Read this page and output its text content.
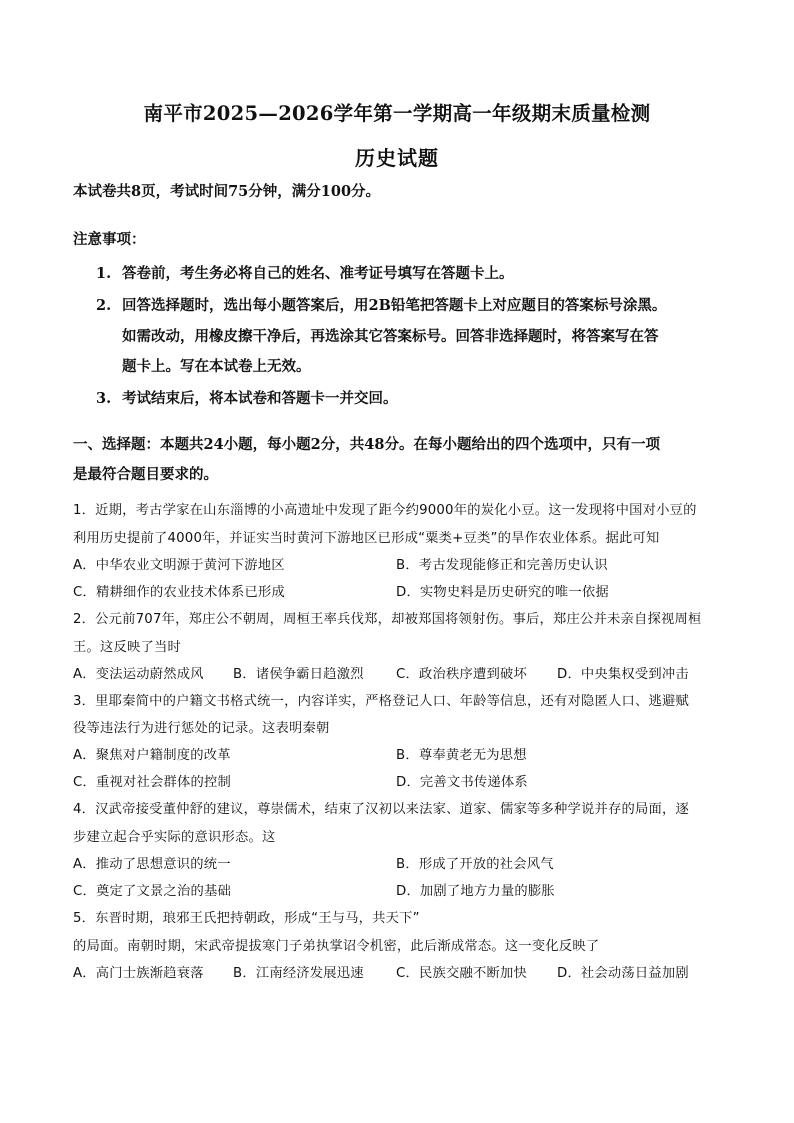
南平市2025—2026学年第一学期高一年级期末质量检测
历史试题
本试卷共8页，考试时间75分钟，满分100分。
注意事项：
1. 答卷前，考生务必将自己的姓名、准考证号填写在答题卡上。
2. 回答选择题时，选出每小题答案后，用2B铅笔把答题卡上对应题目的答案标号涂黑。
如需改动，用橡皮擦干净后，再选涂其它答案标号。回答非选择题时，将答案写在答
题卡上。写在本试卷上无效。
3. 考试结束后，将本试卷和答题卡一并交回。
一、选择题：本题共24小题，每小题2分，共48分。在每小题给出的四个选项中，只有一项
是最符合题目要求的。
1．近期，考古学家在山东淄博的小高遗址中发现了距今约9000年的炭化小豆。这一发现将中国对小豆的
利用历史提前了4000年，并证实当时黄河下游地区已形成“粟类+豆类”的旱作农业体系。据此可知
A．中华农业文明源于黄河下游地区	B．考古发现能修正和完善历史认识
C．精耕细作的农业技术体系已形成	D．实物史料是历史研究的唯一依据
2．公元前707年，郑庄公不朝周，周桓王率兵伐郑，却被郑国将领射伤。事后，郑庄公并未亲自探视周桓
王。这反映了当时
A．变法运动蔚然成风 B．诸侯争霸日趋激烈 C．政治秩序遭到破坏 D．中央集权受到冲击
3．里耶秦简中的户籍文书格式统一，内容详实，严格登记人口、年龄等信息，还有对隐匿人口、逃避赋
役等违法行为进行惩处的记录。这表明秦朝
A．聚焦对户籍制度的改革	B．尊奉黄老无为思想
C．重视对社会群体的控制	D．完善文书传递体系
4．汉武帝接受董仲舒的建议，尊崇儒术，结束了汉初以来法家、道家、儒家等多种学说并存的局面，逐
步建立起合乎实际的意识形态。这
A．推动了思想意识的统一	B．形成了开放的社会风气
C．奠定了文景之治的基础	D．加剧了地方力量的膨胀
5．东晋时期，琅邪王氏把持朝政，形成“王与马，共天下”
的局面。南朝时期，宋武帝提拔寒门子弟执掌诏令机密，此后渐成常态。这一变化反映了
A．高门士族渐趋衰落 B．江南经济发展迅速 C．民族交融不断加快 D．社会动荡日益加剧
